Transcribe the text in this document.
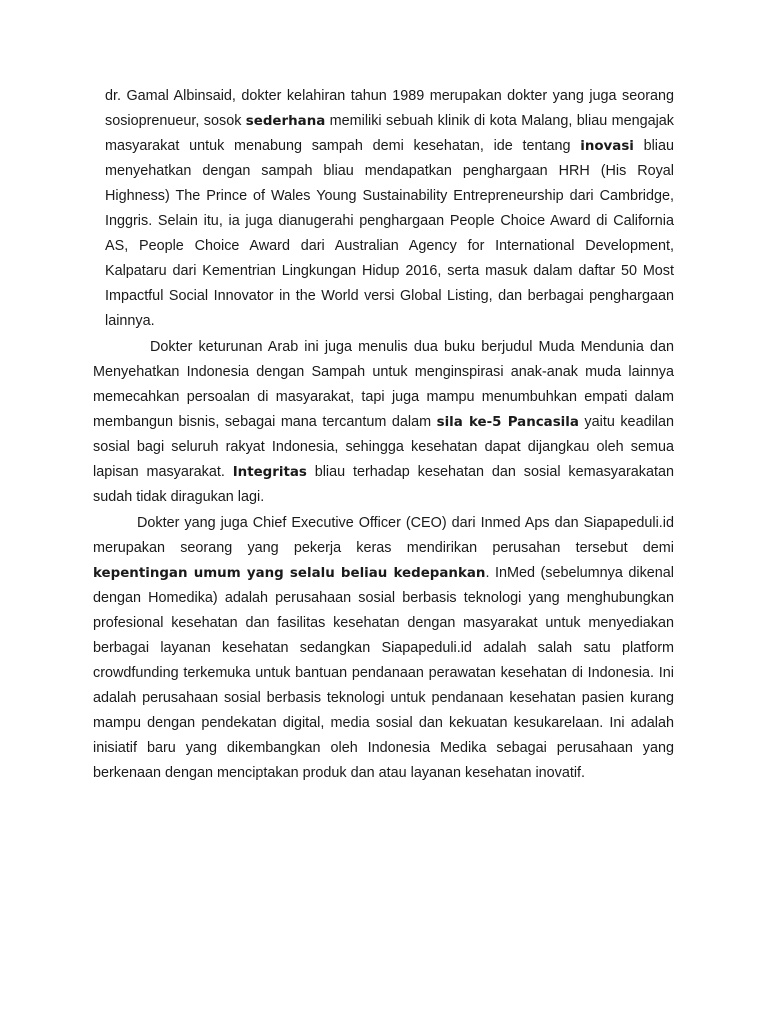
dr. Gamal Albinsaid, dokter kelahiran tahun 1989 merupakan dokter yang juga seorang sosioprenueur, sosok sederhana memiliki sebuah klinik di kota Malang, bliau mengajak masyarakat untuk menabung sampah demi kesehatan, ide tentang inovasi bliau menyehatkan dengan sampah bliau mendapatkan penghargaan HRH (His Royal Highness) The Prince of Wales Young Sustainability Entrepreneurship dari Cambridge, Inggris. Selain itu, ia juga dianugerahi penghargaan People Choice Award di California AS, People Choice Award dari Australian Agency for International Development, Kalpataru dari Kementrian Lingkungan Hidup 2016, serta masuk dalam daftar 50 Most Impactful Social Innovator in the World versi Global Listing, dan berbagai penghargaan lainnya.

Dokter keturunan Arab ini juga menulis dua buku berjudul Muda Mendunia dan Menyehatkan Indonesia dengan Sampah untuk menginspirasi anak-anak muda lainnya memecahkan persoalan di masyarakat, tapi juga mampu menumbuhkan empati dalam membangun bisnis, sebagai mana tercantum dalam sila ke-5 Pancasila yaitu keadilan sosial bagi seluruh rakyat Indonesia, sehingga kesehatan dapat dijangkau oleh semua lapisan masyarakat. Integritas bliau terhadap kesehatan dan sosial kemasyarakatan sudah tidak diragukan lagi.

Dokter yang juga Chief Executive Officer (CEO) dari Inmed Aps dan Siapapeduli.id merupakan seorang yang pekerja keras mendirikan perusahan tersebut demi kepentingan umum yang selalu beliau kedepankan. InMed (sebelumnya dikenal dengan Homedika) adalah perusahaan sosial berbasis teknologi yang menghubungkan profesional kesehatan dan fasilitas kesehatan dengan masyarakat untuk menyediakan berbagai layanan kesehatan sedangkan Siapapeduli.id adalah salah satu platform crowdfunding terkemuka untuk bantuan pendanaan perawatan kesehatan di Indonesia. Ini adalah perusahaan sosial berbasis teknologi untuk pendanaan kesehatan pasien kurang mampu dengan pendekatan digital, media sosial dan kekuatan kesukarelaan. Ini adalah inisiatif baru yang dikembangkan oleh Indonesia Medika sebagai perusahaan yang berkenaan dengan menciptakan produk dan atau layanan kesehatan inovatif.
